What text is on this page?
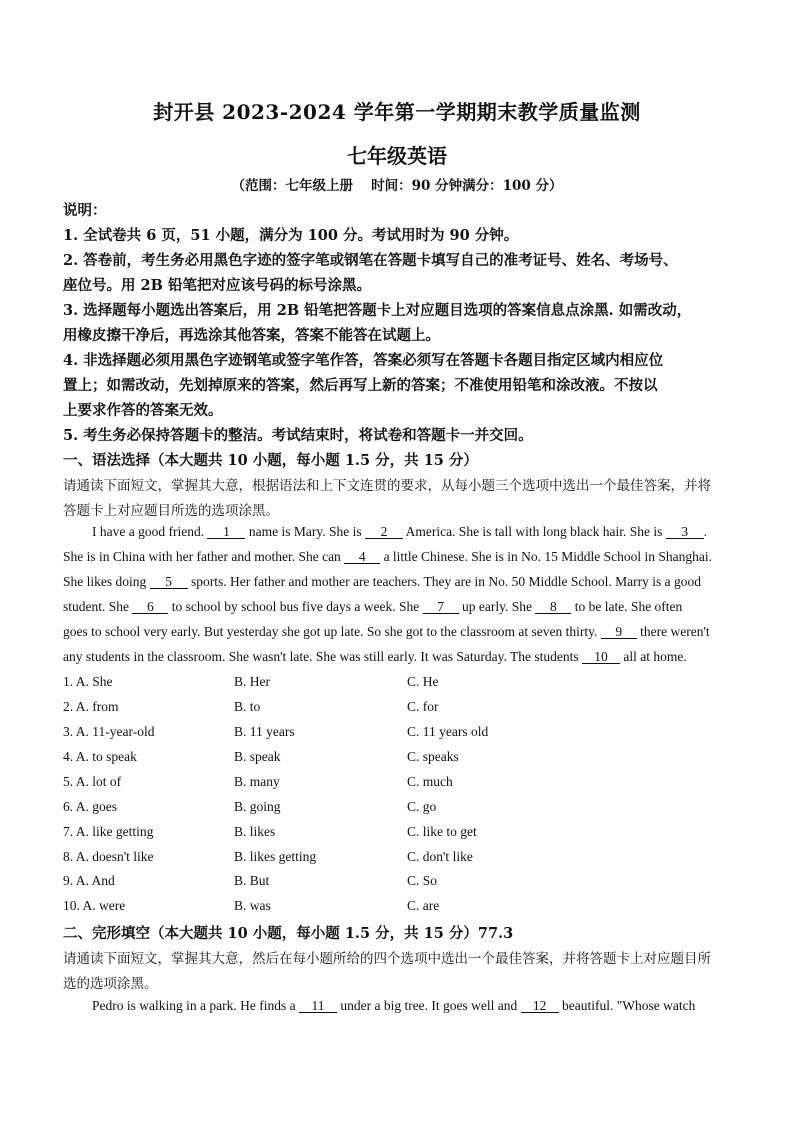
封开县 2023-2024 学年第一学期期末教学质量监测
七年级英语
（范围：七年级上册　 时间：90 分钟满分：100 分）
说明：
1. 全试卷共 6 页，51 小题，满分为 100 分。考试用时为 90 分钟。
2. 答卷前，考生务必用黑色字迹的签字笔或钢笔在答题卡填写自己的准考证号、姓名、考场号、
座位号。用 2B 铅笔把对应该号码的标号涂黑。
3. 选择题每小题选出答案后，用 2B 铅笔把答题卡上对应题目选项的答案信息点涂黑. 如需改动，
用橡皮擦干净后，再选涂其他答案，答案不能答在试题上。
4. 非选择题必须用黑色字迹钢笔或签字笔作答，答案必须写在答题卡各题目指定区域内相应位
置上；如需改动，先划掉原来的答案，然后再写上新的答案；不准使用铅笔和涂改液。不按以
上要求作答的答案无效。
5. 考生务必保持答题卡的整洁。考试结束时，将试卷和答题卡一并交回。
一、语法选择（本大题共 10 小题，每小题 1.5 分，共 15 分）
请通读下面短文，掌握其大意，根据语法和上下文连贯的要求，从每小题三个选项中选出一个最佳答案，并将
答题卡上对应题目所选的选项涂黑。
I have a good friend. 1 name is Mary. She is 2 America. She is tall with long black hair. She is 3 .
She is in China with her father and mother. She can 4 a little Chinese. She is in No. 15 Middle School in Shanghai.
She likes doing 5 sports. Her father and mother are teachers. They are in No. 50 Middle School. Marry is a good
student. She 6 to school by school bus five days a week. She 7 up early. She 8 to be late. She often
goes to school very early. But yesterday she got up late. So she got to the classroom at seven thirty. 9 there weren't
any students in the classroom. She wasn't late. She was still early. It was Saturday. The students 10 all at home.
1. A. She	B. Her	C. He
2. A. from	B. to	C. for
3. A. 11-year-old	B. 11 years	C. 11 years old
4. A. to speak	B. speak	C. speaks
5. A. lot of	B. many	C. much
6. A. goes	B. going	C. go
7. A. like getting	B. likes	C. like to get
8. A. doesn't like	B. likes getting	C. don't like
9. A. And	B. But	C. So
10. A. were	B. was	C. are
二、完形填空（本大题共 10 小题，每小题 1.5 分，共 15 分）77.3
请通读下面短文，掌握其大意，然后在每小题所给的四个选项中选出一个最佳答案，并将答题卡上对应题目所
选的选项涂黑。
Pedro is walking in a park. He finds a 11 under a big tree. It goes well and 12 beautiful. "Whose watch
